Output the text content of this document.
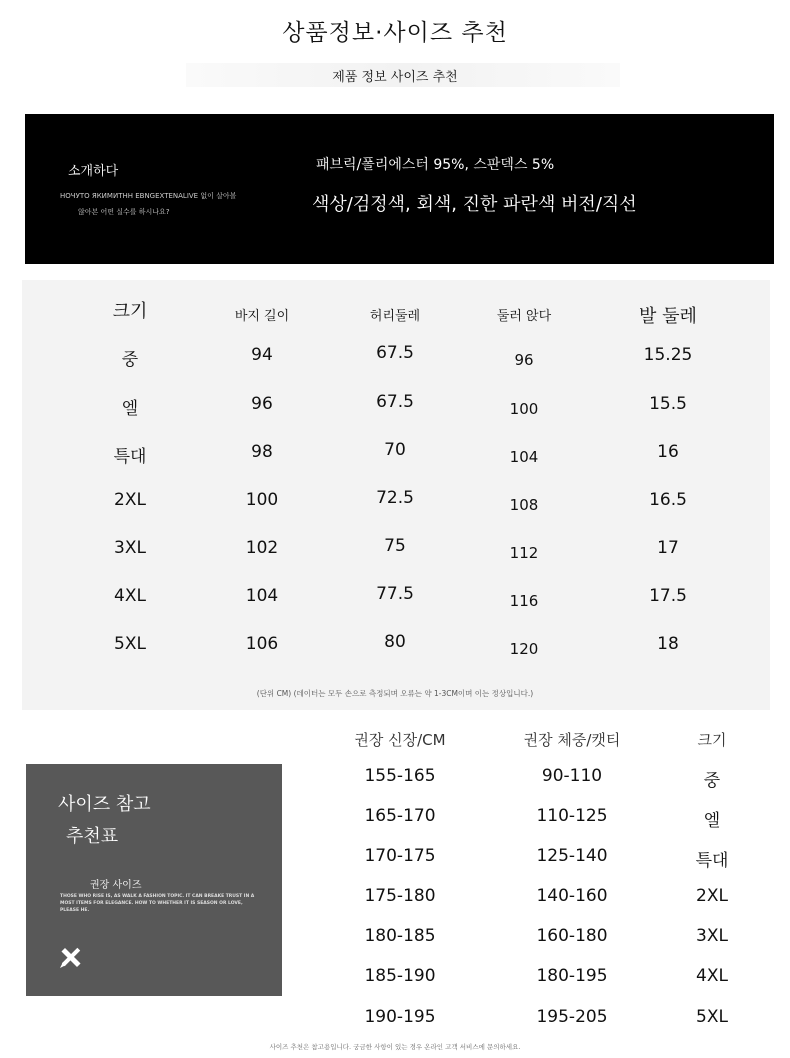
상품정보·사이즈 추천
제품 정보 사이즈 추천
소개하다
НОЧУТО ЯКИМИТНН EBNGEXTENALIVE 없이 살아볼
않아본 어떤 실수를 하시나요?
패브릭/폴리에스터 95%, 스판덱스 5%
색상/검정색, 회색, 진한 파란색 버전/직선
크기	바지 길이	허리둘레	둘러 앉다	발 둘레
중	94	67.5	96	15.25
엘	96	67.5	100	15.5
특대	98	70	104	16
2XL	100	72.5	108	16.5
3XL	102	75	112	17
4XL	104	77.5	116	17.5
5XL	106	80	120	18
(단위 CM) (데이터는 모두 손으로 측정되며 오류는 약 1-3CM이며 이는 정상입니다.)
사이즈 참고
추천표
권장 사이즈
THOSE WHO RISE IS, AS WALK A FASHION TOPIC. IT CAN BREAKE TRUST IN A MOST ITEMS FOR ELEGANCE. HOW TO WHETHER IT IS SEASON OR LOVE, PLEASE HE.
권장 신장/CM	권장 체중/캣티	크기
155-165	90-110	중
165-170	110-125	엘
170-175	125-140	특대
175-180	140-160	2XL
180-185	160-180	3XL
185-190	180-195	4XL
190-195	195-205	5XL
사이즈 추천은 참고용입니다. 궁금한 사항이 있는 경우 온라인 고객 서비스에 문의하세요.
